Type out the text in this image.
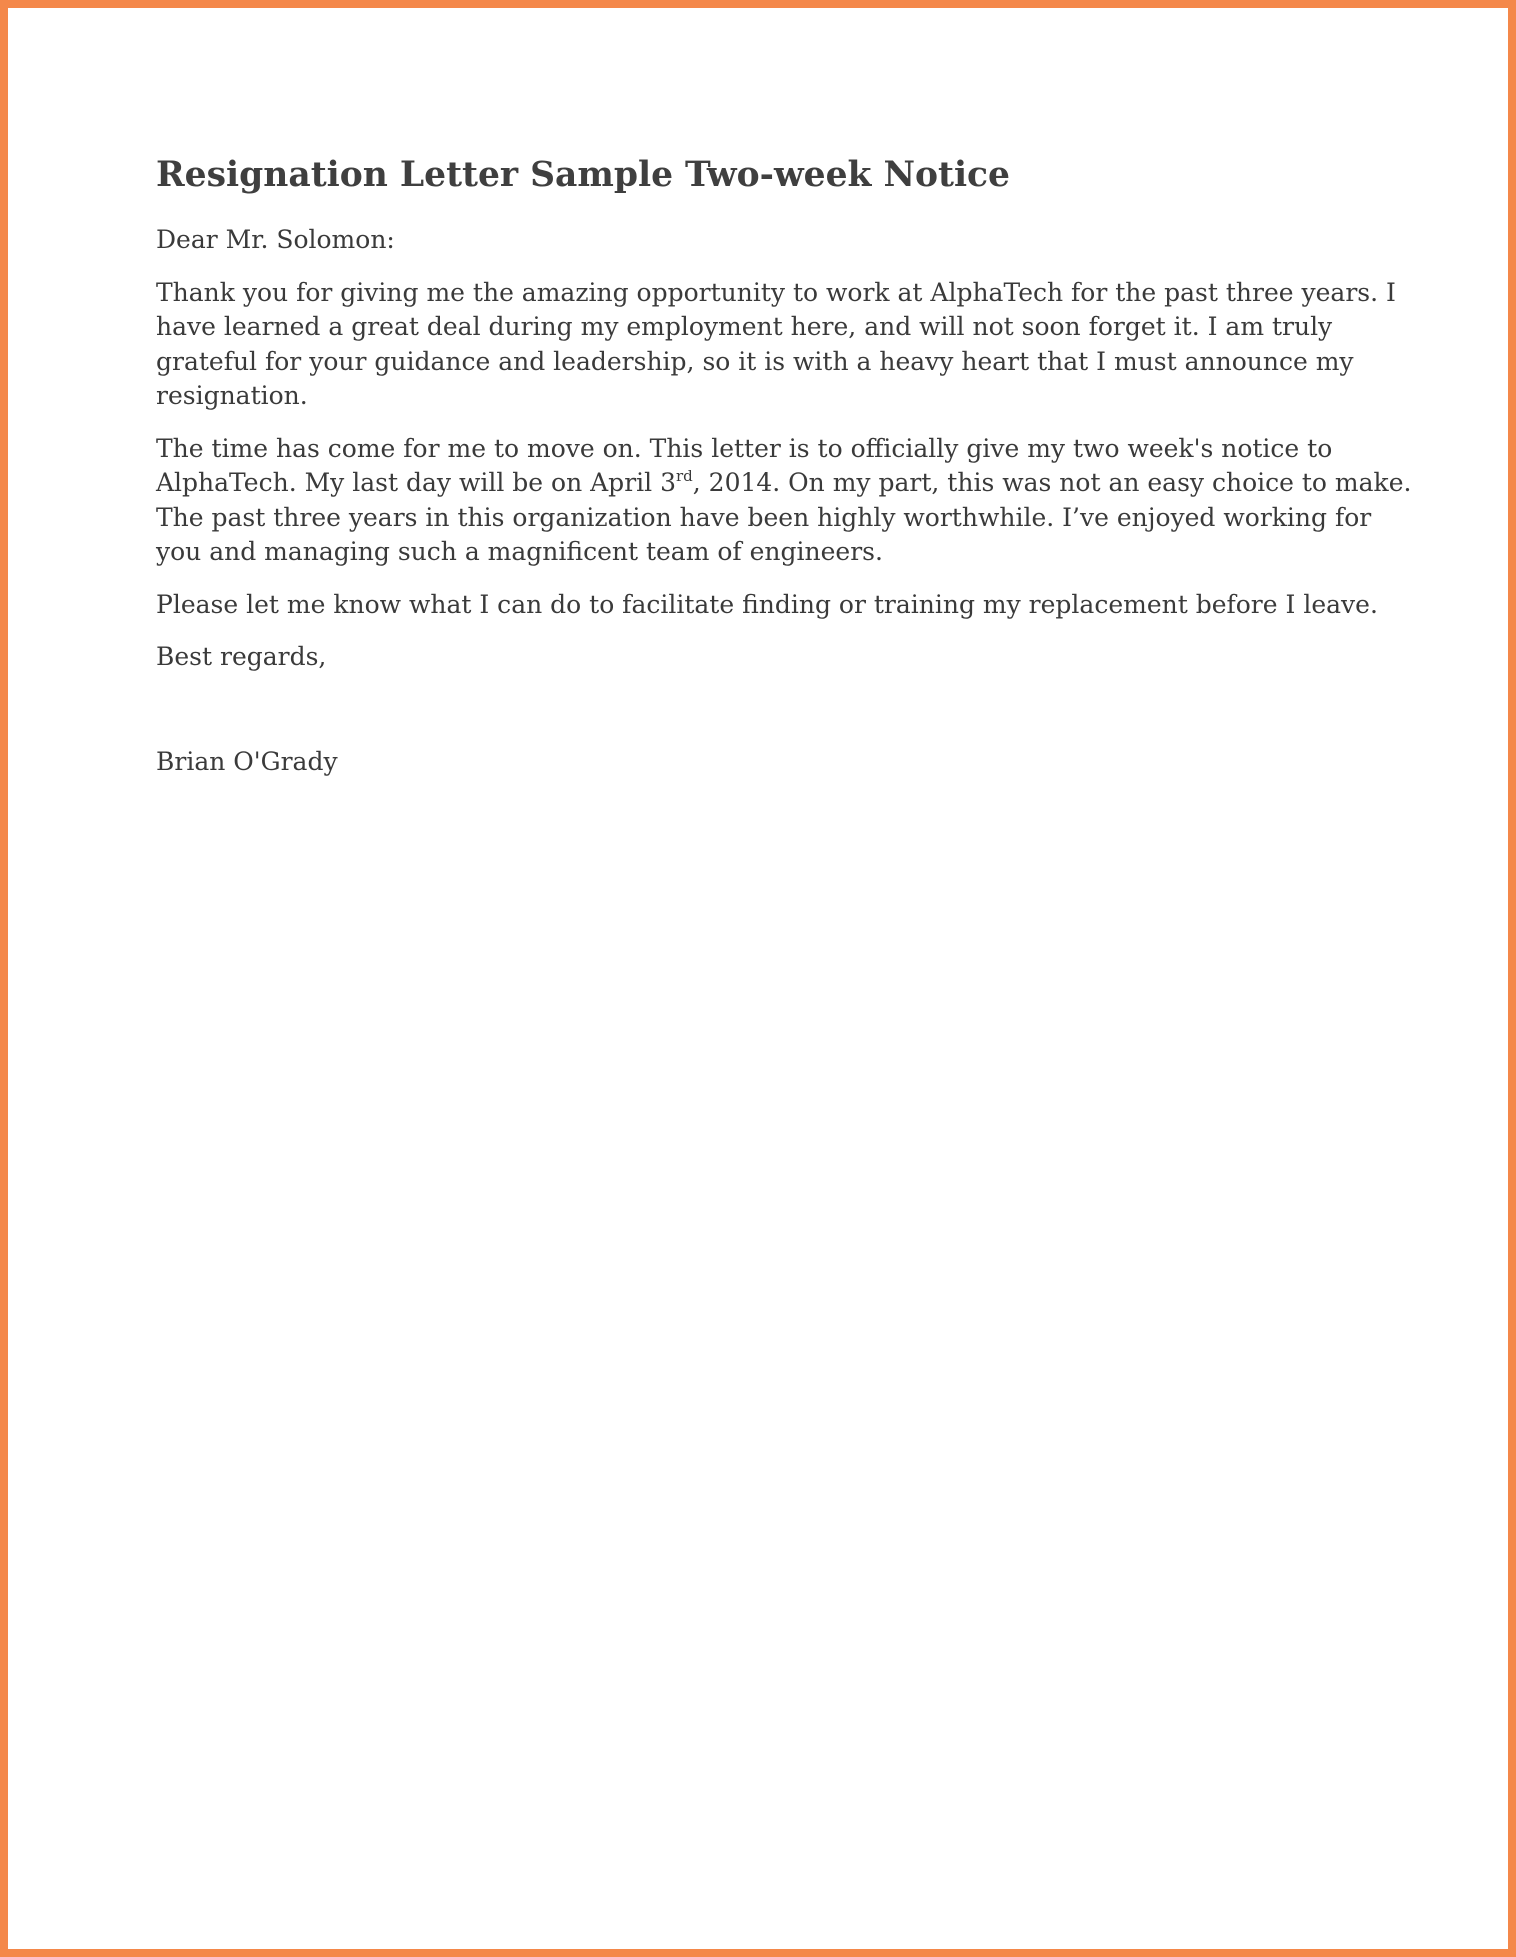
Resignation Letter Sample Two-week Notice

Dear Mr. Solomon:

Thank you for giving me the amazing opportunity to work at AlphaTech for the past three years. I
have learned a great deal during my employment here, and will not soon forget it. I am truly
grateful for your guidance and leadership, so it is with a heavy heart that I must announce my
resignation.

The time has come for me to move on. This letter is to officially give my two week's notice to
AlphaTech. My last day will be on April 3rd, 2014. On my part, this was not an easy choice to make.
The past three years in this organization have been highly worthwhile. I’ve enjoyed working for
you and managing such a magnificent team of engineers.

Please let me know what I can do to facilitate finding or training my replacement before I leave.

Best regards,

Brian O'Grady
